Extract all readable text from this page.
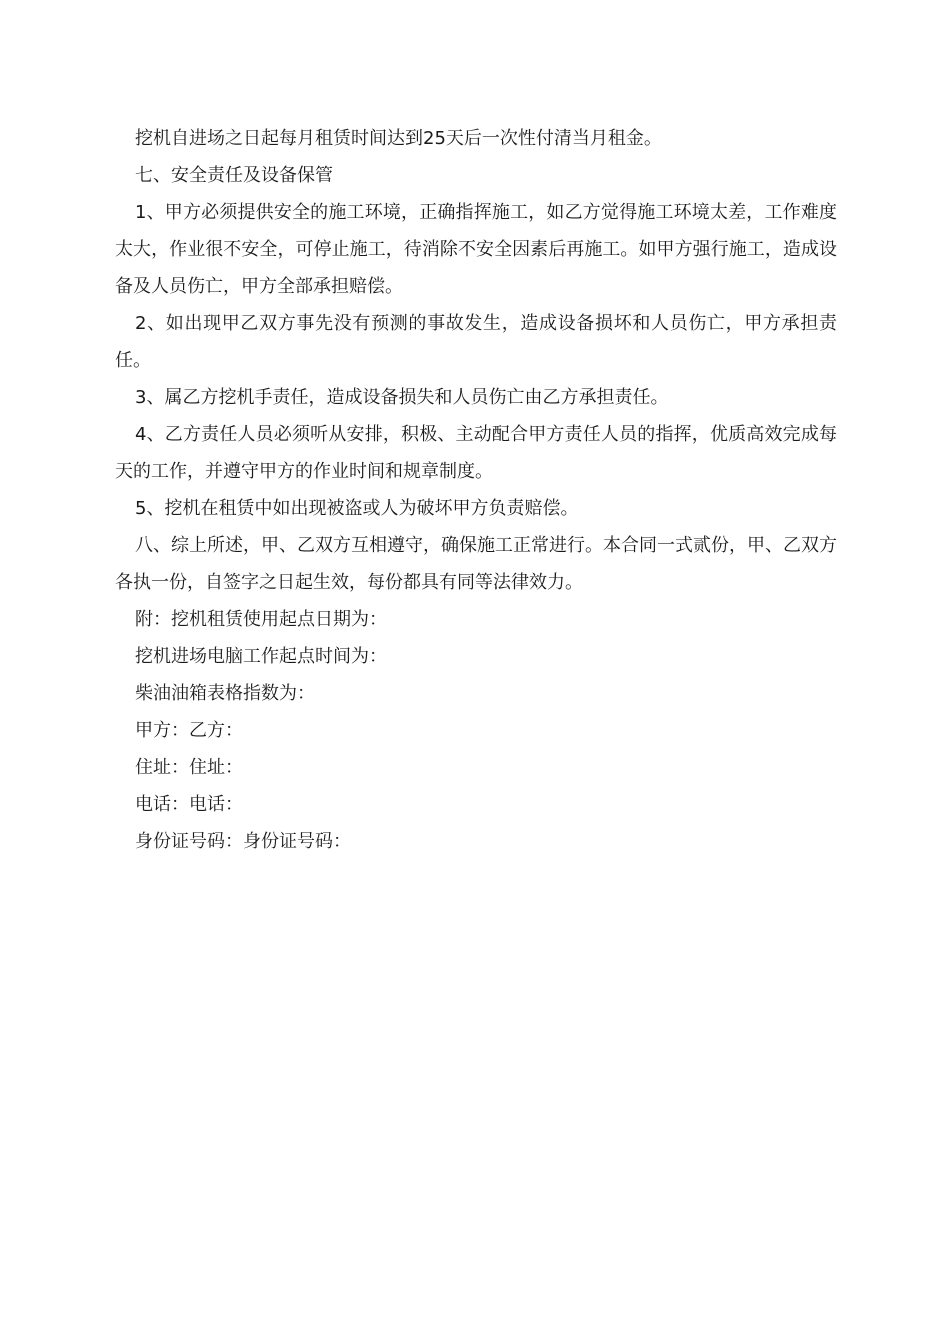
挖机自进场之日起每月租赁时间达到25天后一次性付清当月租金。

七、安全责任及设备保管

1、甲方必须提供安全的施工环境，正确指挥施工，如乙方觉得施工环境太差，工作难度太大，作业很不安全，可停止施工，待消除不安全因素后再施工。如甲方强行施工，造成设备及人员伤亡，甲方全部承担赔偿。

2、如出现甲乙双方事先没有预测的事故发生，造成设备损坏和人员伤亡，甲方承担责任。

3、属乙方挖机手责任，造成设备损失和人员伤亡由乙方承担责任。

4、乙方责任人员必须听从安排，积极、主动配合甲方责任人员的指挥，优质高效完成每天的工作，并遵守甲方的作业时间和规章制度。

5、挖机在租赁中如出现被盗或人为破坏甲方负责赔偿。

八、综上所述，甲、乙双方互相遵守，确保施工正常进行。本合同一式贰份，甲、乙双方各执一份，自签字之日起生效，每份都具有同等法律效力。

附：挖机租赁使用起点日期为：

挖机进场电脑工作起点时间为：

柴油油箱表格指数为：

甲方：乙方：

住址：住址：

电话：电话：

身份证号码：身份证号码：
